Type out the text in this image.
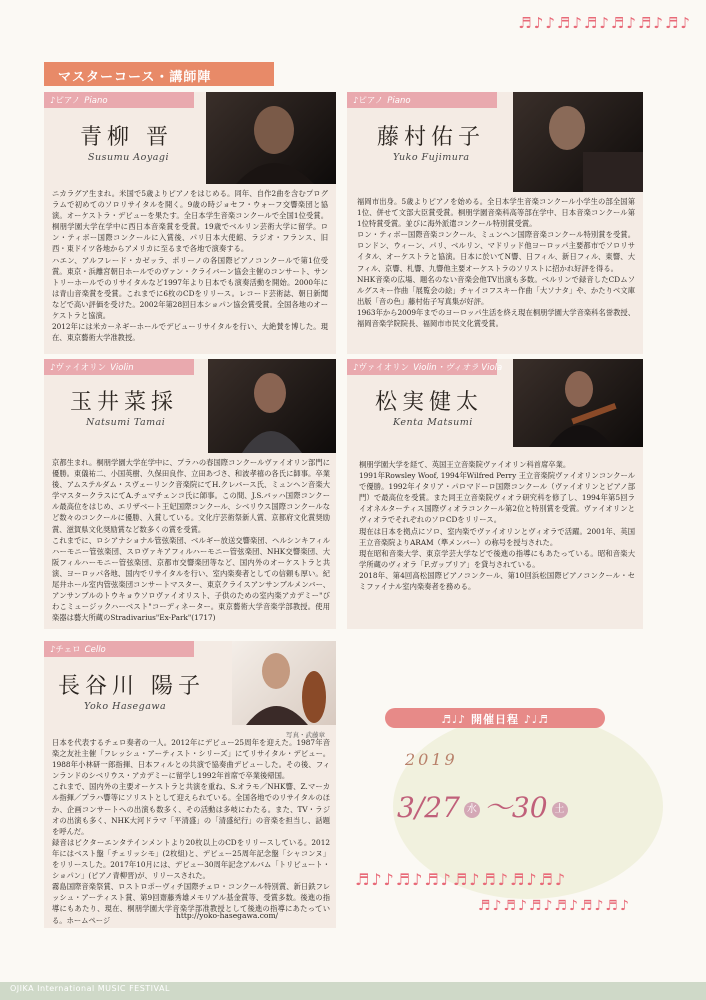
♬♪♪♬♪♬♪♬♪♬♪♬♪
マスターコース・講師陣
♪ピアノ Piano
青柳 晋
Susumu Aoyagi

ニカラグア生まれ。米国で5歳よりピアノをはじめる。同年、自作2曲を含むプログラムで初めてのソロリサイタルを開く。9歳の時ジョセフ・ウォーフ交響楽団と協演。オーケストラ・デビューを果たす。全日本学生音楽コンクールで全国1位受賞。桐朋学園大学在学中に西日本音楽賞を受賞。19歳でベルリン芸術大学に留学。ロン・ティボー国際コンクールに入賞後、パリ日本大使館、ラジオ・フランス、旧西・東ドイツ各地からアメリカに至るまで各地で演奏する。

ハエン、アルフレード・カゼッラ、ポリーノの各国際ピアノコンクールで第1位受賞。東京・浜離宮朝日ホールでのヴァン・クライバーン協会主催のコンサート、サントリーホールでのリサイタルなど1997年より日本でも演奏活動を開始。2000年には青山音楽賞を受賞。これまでに6枚のCDをリリース。レコード芸術誌、朝日新聞などで高い評価を受けた。2002年第28回日本ショパン協会賞受賞。全国各地のオーケストラと協演。

2012年には米カーネギーホールでデビューリサイタルを行い、大絶賛を博した。現在、東京藝術大学准教授。

♪ピアノ Piano
藤村佑子
Yuko Fujimura

福岡市出身。5歳よりピアノを始める。全日本学生音楽コンクール小学生の部全国第1位、併せて文部大臣賞受賞。桐朋学園音楽科高等部在学中、日本音楽コンクール第1位特賞受賞。並びに海外派遣コンクール特別賞受賞。

ロン・ティボー国際音楽コンクール、ミュンヘン国際音楽コンクール特別賞を受賞。ロンドン、ウィーン、パリ、ベルリン、マドリッド他ヨーロッパ主要都市でソロリサイタル、オーケストラと協演。日本に於いてN響、日フィル、新日フィル、東響、大フィル、京響、札響、九響他主要オーケストラのソリストに招かれ好評を得る。

NHK音楽の広場、題名のない音楽会他TV出演も多数。ベルリンで録音したCDムソルグスキー作曲「展覧会の絵」チャイコフスキー作曲「大ソナタ」や、かたりべ文庫出版「音の色」藤村佑子写真集が好評。

1963年から2009年までのヨーロッパ生活を終え現在桐朋学園大学音楽科名誉教授、福岡音楽学院院長、福岡市市民文化賞受賞。

♪ヴァイオリン Violin
玉井菜採
Natsumi Tamai

京都生まれ。桐朋学園大学在学中に、プラハの春国際コンクールヴァイオリン部門に優勝。東儀祐二、小国英樹、久保田良作、立田あづさ、和波孝禧の各氏に師事。卒業後、アムステルダム・スヴェーリンク音楽院にてH.クレバース氏、ミュンヘン音楽大学マスタークラスにてA.チュマチェンコ氏に師事。この間、J.S.バッハ国際コンクール最高位をはじめ、エリザベート王妃国際コンクール、シベリウス国際コンクールなど数々のコンクールに優勝、入賞している。文化庁芸術祭新人賞、京都府文化賞奨励賞、滋賀県文化奨励賞など数多くの賞を受賞。

これまでに、ロシアナショナル管弦楽団、ベルギー放送交響楽団、ヘルシンキフィルハーモニー管弦楽団、スロヴァキアフィルハーモニー管弦楽団、NHK交響楽団、大阪フィルハーモニー管弦楽団、京都市交響楽団等など、国内外のオーケストラと共演、ヨーロッパ各地、国内でリサイタルを行い、室内楽奏者としての信頼も厚い。紀尾井ホール室内管弦楽団コンサートマスター、東京クライスアンサンブルメンバー、アンサンブルのトウキョウソロヴァイオリスト、子供のための室内楽アカデミー"びわこミュージックハーベスト"コーディネーター。東京藝術大学音楽学部教授。使用楽器は藝大所蔵のStradivarius"Ex-Park"(1717)

♪ヴァイオリン Violin・ヴィオラ Viola
松実健太
Kenta Matsumi

桐朋学園大学を経て、英国王立音楽院ヴァイオリン科首席卒業。

1991年Rowsley Woof, 1994年Wilfred Perry 王立音楽院ヴァイオリンコンクールで優勝。1992年イタリア・パロマドーロ国際コンクール（ヴァイオリンとピアノ部門）で最高位を受賞。また同王立音楽院ヴィオラ研究科を修了し、1994年第5回ライオネルターティス国際ヴィオラコンクール第2位と特別賞を受賞。ヴァイオリンとヴィオラでそれぞれのソロCDをリリース。

現在は日本を拠点にソロ、室内楽でヴァイオリンとヴィオラで活躍。2001年、英国王立音楽院よりARAM（準メンバー）の称号を授与された。

現在昭和音楽大学、東京学芸大学などで後進の指導にもあたっている。昭和音楽大学所蔵のヴィオラ「F.ガッブリア」を貸与されている。

2018年、第4回高松国際ピアノコンクール、第10回浜松国際ピアノコンクール・セミファイナル室内楽奏者を務める。

♪チェロ Cello
長谷川 陽子
Yoko Hasegawa

日本を代表するチェロ奏者の一人。2012年にデビュー25周年を迎えた。1987年音楽之友社主催「フレッシュ・アーティスト・シリーズ」にてリサイタル・デビュー。1988年小林研一郎指揮、日本フィルとの共演で協奏曲デビューした。その後、フィンランドのシベリウス・アカデミーに留学し1992年首席で卒業後帰国。

これまで、国内外の主要オーケストラと共演を重ね、S.オラモ／NHK響、Z.マーカル指揮／プラハ響等にソリストとして迎えられている。全国各地でのリサイタルのほか、企画コンサートへの出演も数多く、その活動は多岐にわたる。また、TV・ラジオの出演も多く、NHK大河ドラマ「平清盛」の「清盛紀行」の音楽を担当し、話題を呼んだ。

録音はビクターエンタテインメントより20枚以上のCDをリリースしている。2012年にはベスト盤「チェリッシモ」(2枚組)と、デビュー25周年記念盤「シャコンヌ」をリリースした。2017年10月には、デビュー30周年記念アルバム「トリビュート・ショパン」(ピアノ青柳晋)が、リリースされた。

霧島国際音楽祭賞、ロストロポーヴィチ国際チェロ・コンクール特別賞、新日鉄フレッシュ・アーティスト賞、第9回齋藤秀雄メモリアル基金賞等、受賞多数。後進の指導にもあたり、現在、桐朋学園大学音楽学部准教授として後進の指導にあたっている。ホームページ

写真・武藤章
http://yoko-hasegawa.com/
♬♩♪ 開催日程 ♪♩♬
2019
3/27 水 〜30 土
♬♪♪♬♪♬♪♬♪♬♪♬♪♬♪
♬♪♬♪♬♪♬♪♬♪♬♪
OJIKA International MUSIC FESTIVAL
